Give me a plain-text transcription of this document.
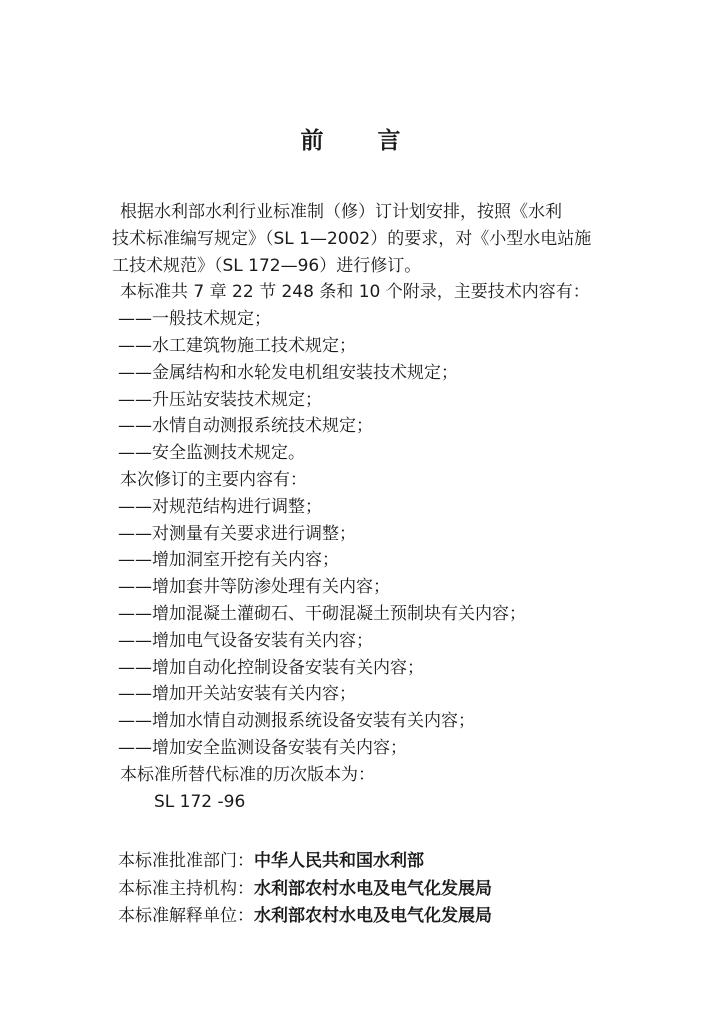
前言
根据水利部水利行业标准制（修）订计划安排，按照《水利
技术标准编写规定》（SL 1—2002）的要求，对《小型水电站施
工技术规范》（SL 172—96）进行修订。
本标准共 7 章 22 节 248 条和 10 个附录，主要技术内容有：
——一般技术规定；
——水工建筑物施工技术规定；
——金属结构和水轮发电机组安装技术规定；
——升压站安装技术规定；
——水情自动测报系统技术规定；
——安全监测技术规定。
本次修订的主要内容有：
——对规范结构进行调整；
——对测量有关要求进行调整；
——增加洞室开挖有关内容；
——增加套井等防渗处理有关内容；
——增加混凝土灌砌石、干砌混凝土预制块有关内容；
——增加电气设备安装有关内容；
——增加自动化控制设备安装有关内容；
——增加开关站安装有关内容；
——增加水情自动测报系统设备安装有关内容；
——增加安全监测设备安装有关内容；
本标准所替代标准的历次版本为：
SL 172 -96
本标准批准部门：中华人民共和国水利部
本标准主持机构：水利部农村水电及电气化发展局
本标准解释单位：水利部农村水电及电气化发展局
